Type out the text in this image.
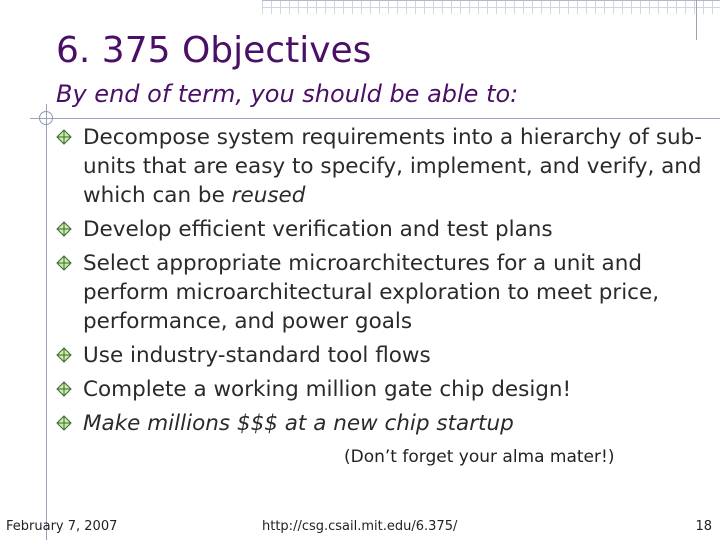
6. 375 Objectives
By end of term, you should be able to:
Decompose system requirements into a hierarchy of sub-units that are easy to specify, implement, and verify, and which can be reused
Develop efficient verification and test plans
Select appropriate microarchitectures for a unit and perform microarchitectural exploration to meet price, performance, and power goals
Use industry-standard tool flows
Complete a working million gate chip design!
Make millions $$$ at a new chip startup
(Don’t forget your alma mater!)
February 7, 2007	http://csg.csail.mit.edu/6.375/	18
